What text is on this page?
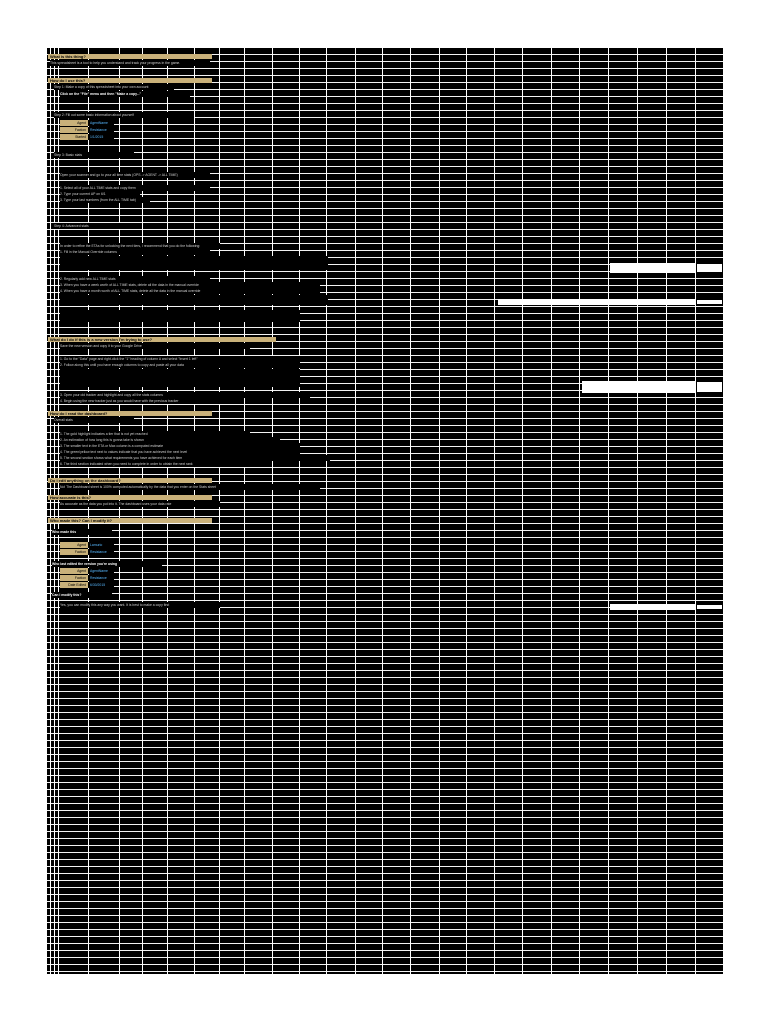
What is this thing?
This spreadsheet is a tool to help you understand and track your progress in the game.
How do I use this?
Step 1: Make a copy of this spreadsheet into your own account
Click on the "File" menu and then "Make a copy..."
Step 2: Fill out some basic information about yourself
Agent	AgentName
Faction	Resistance
Started	1/1/2015
Step 3: Basic stats
Open your scanner and go to your all time stats (OPS -> AGENT -> ALL TIME)
1. Select all of your ALL TIME stats and copy them
2. Type your current AP on 6/1
3. Type your last numbers (from the ALL TIME tab)
Step 4: Advanced stats
In order to refine the ETAs for unlocking the next tiers, I recommend that you do the following:
1. Fill in the Manual Override columns
2. Regularly add new ALL TIME stats
3. When you have a week worth of ALL TIME stats, delete all the data in the manual override
4. When you have a month worth of ALL TIME stats, delete all the data in the manual override
What do I do if this is a new version I'm trying to use?
Save the new version and copy it to your Google Drive
1. Go to the "Data" page and right-click the "1" heading of column A and select "Insert 1 left"
2. Follow along this until you have enough columns to copy and paste all your data
3. Open your old tracker and highlight and copy all the stats columns
4. Begin using the new tracker just as you would have with the previous tracker
How do I read the dashboard?
Overall stats
1. The gold highlight indicates a tier that is not yet reached
2. An estimation of how long this is gonna take is shown
3. The smaller text in the ETA or Max column is a computed estimate
4. The green/yellow text next to values indicate that you have achieved the next level
5. The second section shows what requirements you have achieved for each item
6. The third section indicated when you need to complete in order to obtain the next rank
Do I edit anything on the dashboard?
No! The Dashboard sheet is 100% computed automatically by the data that you enter on the Stats sheet
How accurate is this?
As accurate as the data you put into it. The dashboard uses your data rate
Who made this? Can I modify it?
Who made this
Agent	Lamurio
Faction	Resistance
Who last edited the version you're using
Agent	AgentName
Faction	Resistance
Date Edited	6/30/2015
Can I modify this?
Yes, you can modify this any way you want. It is best to make a copy first
